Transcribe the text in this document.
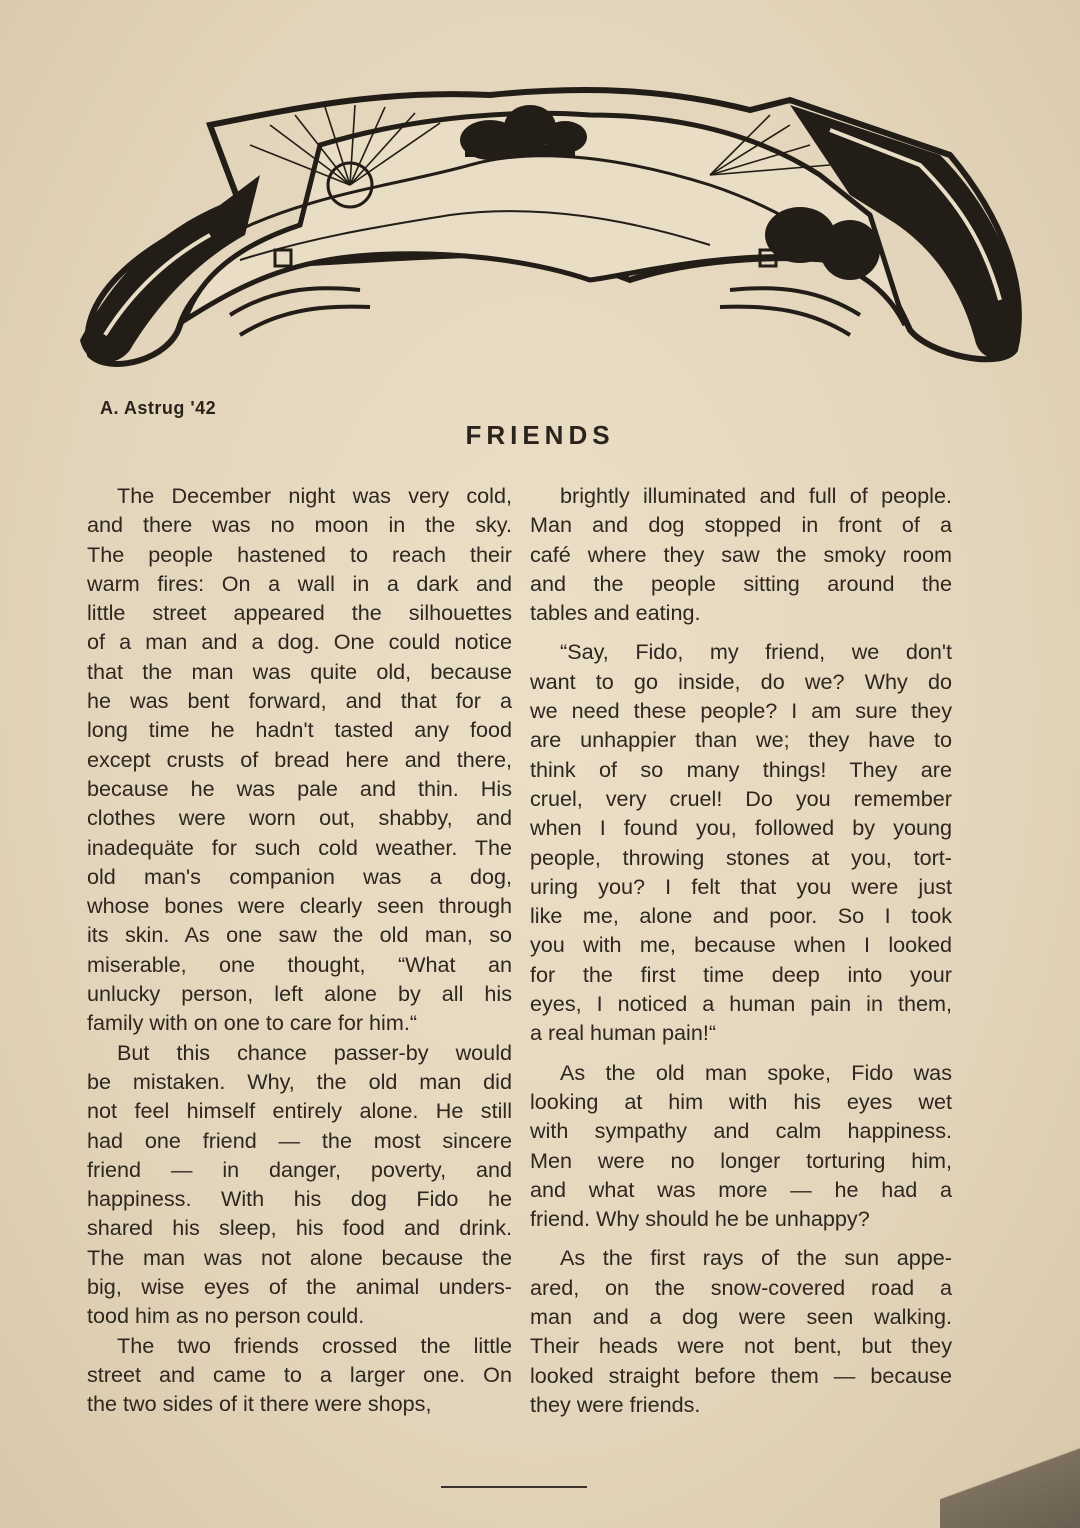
A. Astrug '42
FRIENDS

The December night was very cold,
and there was no moon in the sky.
The people hastened to reach their
warm fires: On a wall in a dark and
little street appeared the silhouettes
of a man and a dog. One could notice
that the man was quite old, because
he was bent forward, and that for a
long time he hadn't tasted any food
except crusts of bread here and there,
because he was pale and thin. His
clothes were worn out, shabby, and
inadequäte for such cold weather. The
old man's companion was a dog,
whose bones were clearly seen through
its skin. As one saw the old man, so
miserable, one thought, “What an
unlucky person, left alone by all his
family with on one to care for him.“

But this chance passer-by would
be mistaken. Why, the old man did
not feel himself entirely alone. He still
had one friend — the most sincere
friend — in danger, poverty, and
happiness. With his dog Fido he
shared his sleep, his food and drink.
The man was not alone because the
big, wise eyes of the animal unders-
tood him as no person could.

The two friends crossed the little
street and came to a larger one. On
the two sides of it there were shops,

brightly illuminated and full of people.
Man and dog stopped in front of a
café where they saw the smoky room
and the people sitting around the
tables and eating.

“Say, Fido, my friend, we don't
want to go inside, do we? Why do
we need these people? I am sure they
are unhappier than we; they have to
think of so many things! They are
cruel, very cruel! Do you remember
when I found you, followed by young
people, throwing stones at you, tort-
uring you? I felt that you were just
like me, alone and poor. So I took
you with me, because when I looked
for the first time deep into your
eyes, I noticed a human pain in them,
a real human pain!“

As the old man spoke, Fido was
looking at him with his eyes wet
with sympathy and calm happiness.
Men were no longer torturing him,
and what was more — he had a
friend. Why should he be unhappy?

As the first rays of the sun appe-
ared, on the snow-covered road a
man and a dog were seen walking.
Their heads were not bent, but they
looked straight before them — because
they were friends.
